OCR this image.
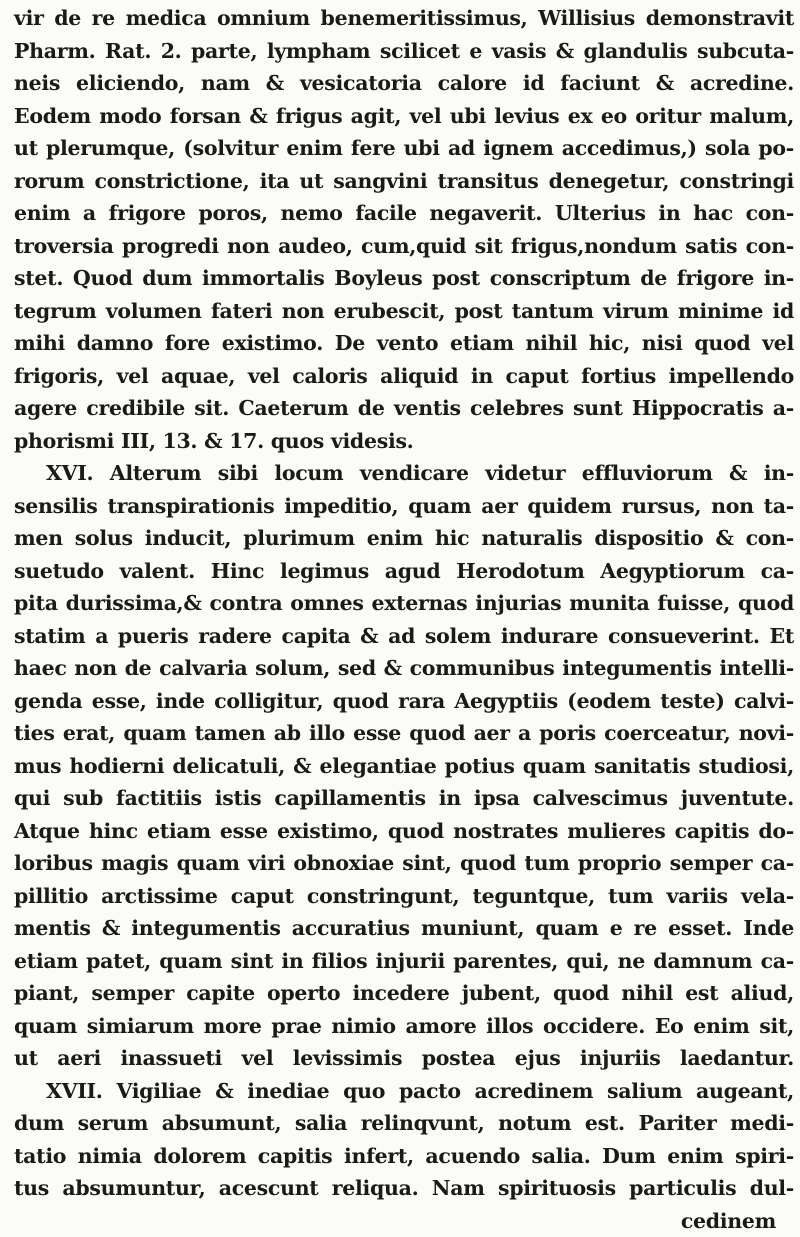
vir de re medica omnium benemeritissimus, Willisius demonstravit
Pharm. Rat. 2. parte, lympham scilicet e vasis & glandulis subcuta-
neis eliciendo, nam & vesicatoria calore id faciunt & acredine.
Eodem modo forsan & frigus agit, vel ubi levius ex eo oritur malum,
ut plerumque, (solvitur enim fere ubi ad ignem accedimus,) sola po-
rorum constrictione, ita ut sangvini transitus denegetur, constringi
enim a frigore poros, nemo facile negaverit. Ulterius in hac con-
troversia progredi non audeo, cum,quid sit frigus,nondum satis con-
stet. Quod dum immortalis Boyleus post conscriptum de frigore in-
tegrum volumen fateri non erubescit, post tantum virum minime id
mihi damno fore existimo. De vento etiam nihil hic, nisi quod vel
frigoris, vel aquae, vel caloris aliquid in caput fortius impellendo
agere credibile sit. Caeterum de ventis celebres sunt Hippocratis a-
phorismi III, 13. & 17. quos videsis.
XVI. Alterum sibi locum vendicare videtur effluviorum & in-
sensilis transpirationis impeditio, quam aer quidem rursus, non ta-
men solus inducit, plurimum enim hic naturalis dispositio & con-
suetudo valent. Hinc legimus agud Herodotum Aegyptiorum ca-
pita durissima,& contra omnes externas injurias munita fuisse, quod
statim a pueris radere capita & ad solem indurare consueverint. Et
haec non de calvaria solum, sed & communibus integumentis intelli-
genda esse, inde colligitur, quod rara Aegyptiis (eodem teste) calvi-
ties erat, quam tamen ab illo esse quod aer a poris coerceatur, novi-
mus hodierni delicatuli, & elegantiae potius quam sanitatis studiosi,
qui sub factitiis istis capillamentis in ipsa calvescimus juventute.
Atque hinc etiam esse existimo, quod nostrates mulieres capitis do-
loribus magis quam viri obnoxiae sint, quod tum proprio semper ca-
pillitio arctissime caput constringunt, teguntque, tum variis vela-
mentis & integumentis accuratius muniunt, quam e re esset. Inde
etiam patet, quam sint in filios injurii parentes, qui, ne damnum ca-
piant, semper capite operto incedere jubent, quod nihil est aliud,
quam simiarum more prae nimio amore illos occidere. Eo enim sit,
ut aeri inassueti vel levissimis postea ejus injuriis laedantur.
XVII. Vigiliae & inediae quo pacto acredinem salium augeant,
dum serum absumunt, salia relinqvunt, notum est. Pariter medi-
tatio nimia dolorem capitis infert, acuendo salia. Dum enim spiri-
tus absumuntur, acescunt reliqua. Nam spirituosis particulis dul-
cedinem
